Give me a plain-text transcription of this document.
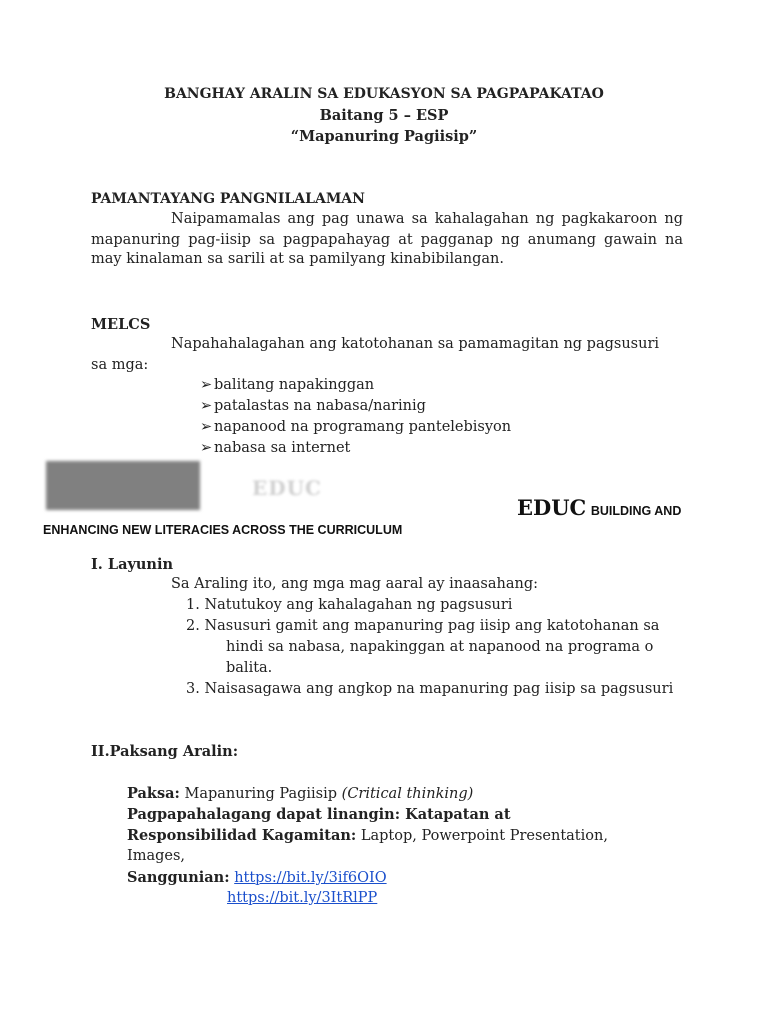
BANGHAY ARALIN SA EDUKASYON SA PAGPAPAKATAO
Baitang 5 – ESP
“Mapanuring Pagiisip”
PAMANTAYANG PANGNILALAMAN
Naipamamalas ang pag unawa sa kahalagahan ng pagkakaroon ng
mapanuring pag-iisip sa pagpapahayag at pagganap ng anumang gawain na
may kinalaman sa sarili at sa pamilyang kinabibilangan.
MELCS
Napahahalagahan ang katotohanan sa pamamagitan ng pagsusuri
sa mga:
➢ balitang napakinggan
➢ patalastas na nabasa/narinig
➢ napanood na programang pantelebisyon
➢ nabasa sa internet
EDUC
EDUC BUILDING AND
ENHANCING NEW LITERACIES ACROSS THE CURRICULUM
I. Layunin
Sa Araling ito, ang mga mag aaral ay inaasahang:
1. Natutukoy ang kahalagahan ng pagsusuri
2. Nasusuri gamit ang mapanuring pag iisip ang katotohanan sa
hindi sa nabasa, napakinggan at napanood na programa o
balita.
3. Naisasagawa ang angkop na mapanuring pag iisip sa pagsusuri
II.Paksang Aralin:
Paksa: Mapanuring Pagiisip (Critical thinking)
Pagpapahalagang dapat linangin: Katapatan at
Responsibilidad Kagamitan: Laptop, Powerpoint Presentation,
Images,
Sanggunian: https://bit.ly/3if6OIO
https://bit.ly/3ItRlPP
